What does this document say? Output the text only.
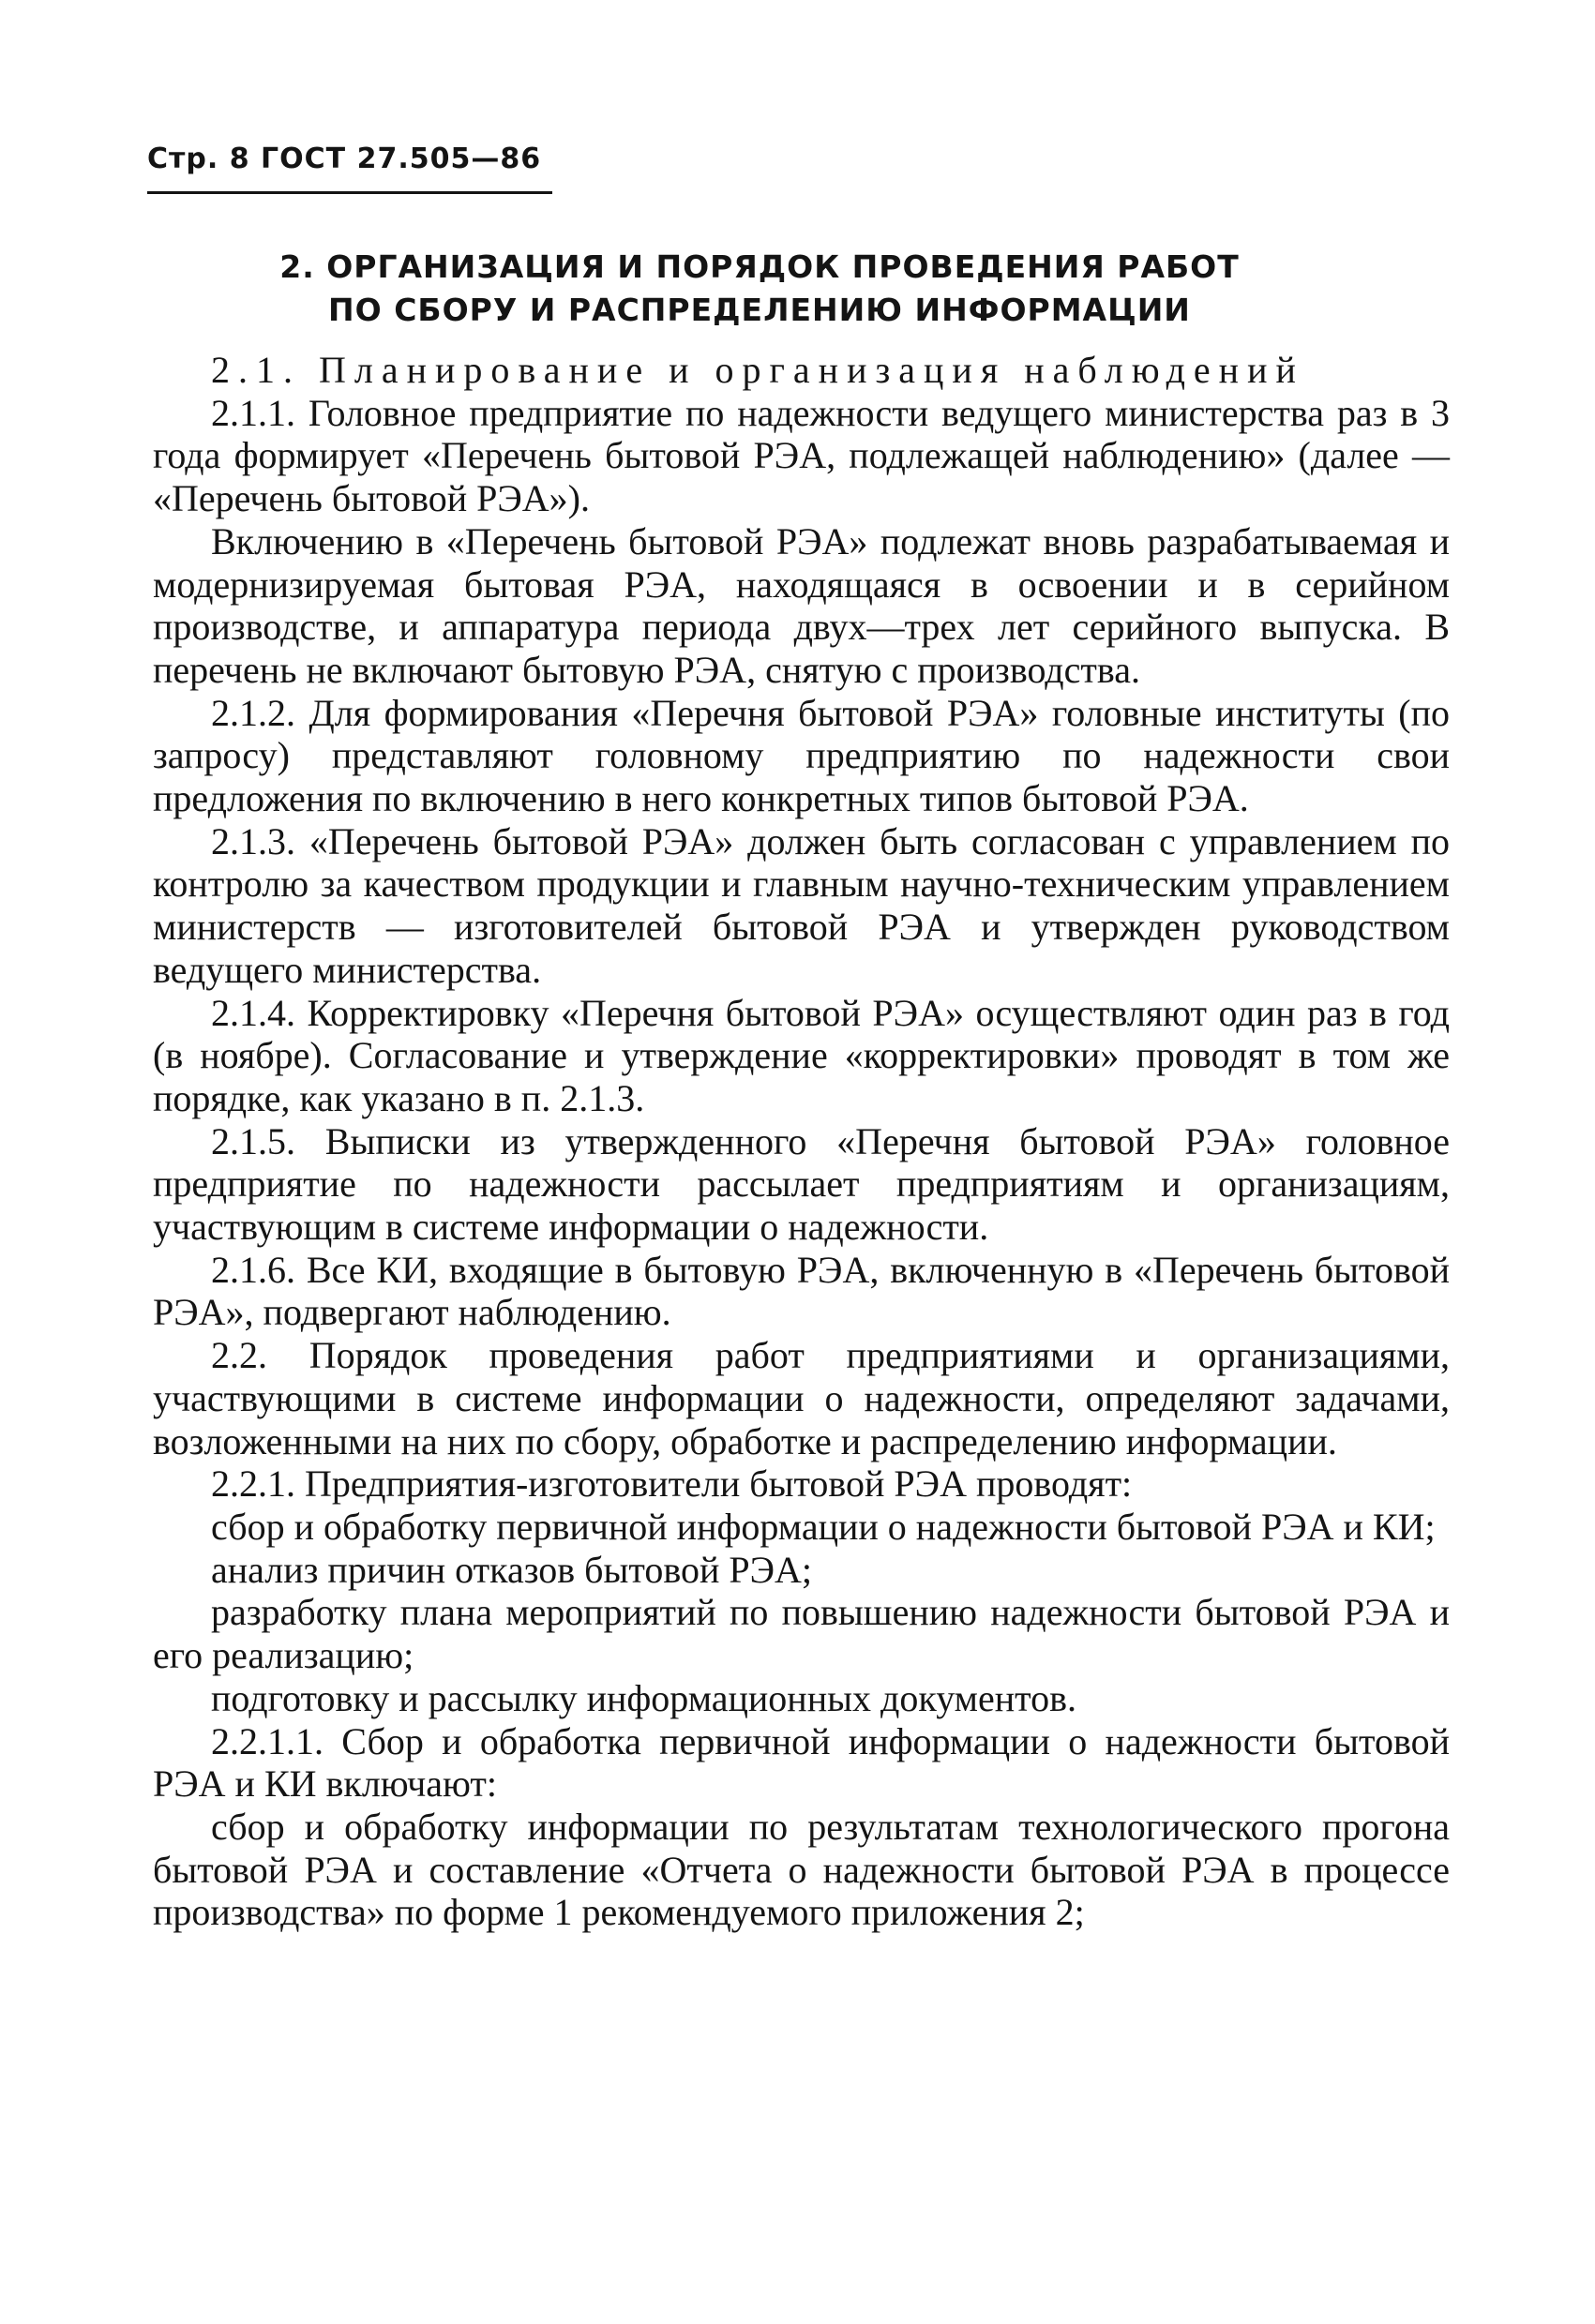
Стр. 8 ГОСТ 27.505—86
2. ОРГАНИЗАЦИЯ И ПОРЯДОК ПРОВЕДЕНИЯ РАБОТ
ПО СБОРУ И РАСПРЕДЕЛЕНИЮ ИНФОРМАЦИИ

2.1. Планирование и организация наблюдений

2.1.1. Головное предприятие по надежности ведущего министерства раз в 3 года формирует «Перечень бытовой РЭА, подлежащей наблюдению» (далее — «Перечень бытовой РЭА»).

Включению в «Перечень бытовой РЭА» подлежат вновь разрабатываемая и модернизируемая бытовая РЭА, находящаяся в освоении и в серийном производстве, и аппаратура периода двух—трех лет серийного выпуска. В перечень не включают бытовую РЭА, снятую с производства.

2.1.2. Для формирования «Перечня бытовой РЭА» головные институты (по запросу) представляют головному предприятию по надежности свои предложения по включению в него конкретных типов бытовой РЭА.

2.1.3. «Перечень бытовой РЭА» должен быть согласован с управлением по контролю за качеством продукции и главным научно-техническим управлением министерств — изготовителей бытовой РЭА и утвержден руководством ведущего министерства.

2.1.4. Корректировку «Перечня бытовой РЭА» осуществляют один раз в год (в ноябре). Согласование и утверждение «корректировки» проводят в том же порядке, как указано в п. 2.1.3.

2.1.5. Выписки из утвержденного «Перечня бытовой РЭА» головное предприятие по надежности рассылает предприятиям и организациям, участвующим в системе информации о надежности.

2.1.6. Все КИ, входящие в бытовую РЭА, включенную в «Перечень бытовой РЭА», подвергают наблюдению.

2.2. Порядок проведения работ предприятиями и организациями, участвующими в системе информации о надежности, определяют задачами, возложенными на них по сбору, обработке и распределению информации.

2.2.1. Предприятия-изготовители бытовой РЭА проводят:

сбор и обработку первичной информации о надежности бытовой РЭА и КИ;

анализ причин отказов бытовой РЭА;

разработку плана мероприятий по повышению надежности бытовой РЭА и его реализацию;

подготовку и рассылку информационных документов.

2.2.1.1. Сбор и обработка первичной информации о надежности бытовой РЭА и КИ включают:

сбор и обработку информации по результатам технологического прогона бытовой РЭА и составление «Отчета о надежности бытовой РЭА в процессе производства» по форме 1 рекомендуемого приложения 2;
